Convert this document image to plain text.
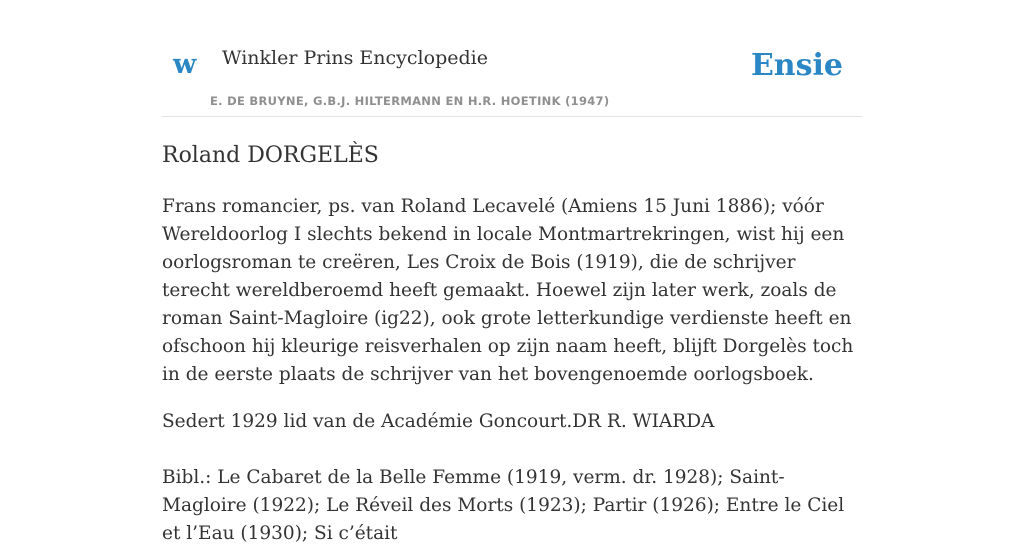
w Winkler Prins Encyclopedie
E. DE BRUYNE, G.B.J. HILTERMANN EN H.R. HOETINK (1947)
Ensie
Roland DORGELÈS

Frans romancier, ps. van Roland Lecavelé (Amiens 15 Juni 1886); vóór Wereldoorlog I slechts bekend in locale Montmartrekringen, wist hij een oorlogsroman te creëren, Les Croix de Bois (1919), die de schrijver terecht wereldberoemd heeft gemaakt. Hoewel zijn later werk, zoals de roman Saint-Magloire (ig22), ook grote letterkundige verdienste heeft en ofschoon hij kleurige reisverhalen op zijn naam heeft, blijft Dorgelès toch in de eerste plaats de schrijver van het bovengenoemde oorlogsboek.

Sedert 1929 lid van de Académie Goncourt.DR R. WIARDA

Bibl.: Le Cabaret de la Belle Femme (1919, verm. dr. 1928); Saint-Magloire (1922); Le Réveil des Morts (1923); Partir (1926); Entre le Ciel et l’Eau (1930); Si c’était
